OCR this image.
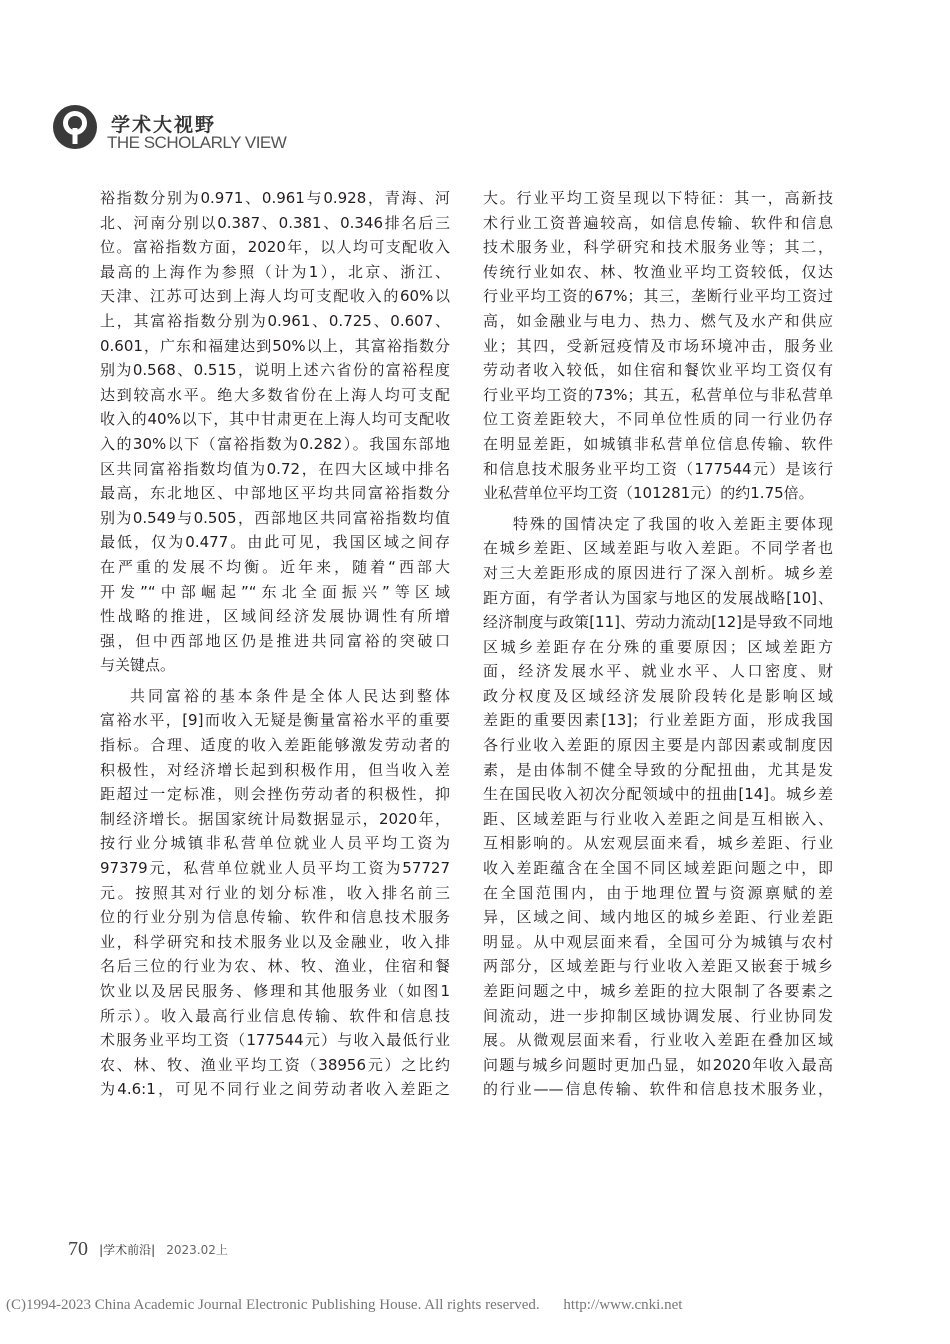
学术大视野
THE SCHOLARLY VIEW
裕指数分别为0.971、0.961与0.928，青海、河
北、河南分别以0.387、0.381、0.346排名后三
位。富裕指数方面，2020年，以人均可支配收入
最高的上海作为参照（计为1），北京、浙江、
天津、江苏可达到上海人均可支配收入的60%以
上，其富裕指数分别为0.961、0.725、0.607、
0.601，广东和福建达到50%以上，其富裕指数分
别为0.568、0.515，说明上述六省份的富裕程度
达到较高水平。绝大多数省份在上海人均可支配
收入的40%以下，其中甘肃更在上海人均可支配收
入的30%以下（富裕指数为0.282）。我国东部地
区共同富裕指数均值为0.72，在四大区域中排名
最高，东北地区、中部地区平均共同富裕指数分
别为0.549与0.505，西部地区共同富裕指数均值
最低，仅为0.477。由此可见，我国区域之间存
在严重的发展不均衡。近年来，随着“西部大
开发”“中部崛起”“东北全面振兴”等区域
性战略的推进，区域间经济发展协调性有所增
强，但中西部地区仍是推进共同富裕的突破口
与关键点。
共同富裕的基本条件是全体人民达到整体
富裕水平，[9]而收入无疑是衡量富裕水平的重要
指标。合理、适度的收入差距能够激发劳动者的
积极性，对经济增长起到积极作用，但当收入差
距超过一定标准，则会挫伤劳动者的积极性，抑
制经济增长。据国家统计局数据显示，2020年，
按行业分城镇非私营单位就业人员平均工资为
97379元，私营单位就业人员平均工资为57727
元。按照其对行业的划分标准，收入排名前三
位的行业分别为信息传输、软件和信息技术服务
业，科学研究和技术服务业以及金融业，收入排
名后三位的行业为农、林、牧、渔业，住宿和餐
饮业以及居民服务、修理和其他服务业（如图1
所示）。收入最高行业信息传输、软件和信息技
术服务业平均工资（177544元）与收入最低行业
农、林、牧、渔业平均工资（38956元）之比约
为4.6:1，可见不同行业之间劳动者收入差距之
大。行业平均工资呈现以下特征：其一，高新技
术行业工资普遍较高，如信息传输、软件和信息
技术服务业，科学研究和技术服务业等；其二，
传统行业如农、林、牧渔业平均工资较低，仅达
行业平均工资的67%；其三，垄断行业平均工资过
高，如金融业与电力、热力、燃气及水产和供应
业；其四，受新冠疫情及市场环境冲击，服务业
劳动者收入较低，如住宿和餐饮业平均工资仅有
行业平均工资的73%；其五，私营单位与非私营单
位工资差距较大，不同单位性质的同一行业仍存
在明显差距，如城镇非私营单位信息传输、软件
和信息技术服务业平均工资（177544元）是该行
业私营单位平均工资（101281元）的约1.75倍。
特殊的国情决定了我国的收入差距主要体现
在城乡差距、区域差距与收入差距。不同学者也
对三大差距形成的原因进行了深入剖析。城乡差
距方面，有学者认为国家与地区的发展战略[10]、
经济制度与政策[11]、劳动力流动[12]是导致不同地
区城乡差距存在分殊的重要原因；区域差距方
面，经济发展水平、就业水平、人口密度、财
政分权度及区域经济发展阶段转化是影响区域
差距的重要因素[13]；行业差距方面，形成我国
各行业收入差距的原因主要是内部因素或制度因
素，是由体制不健全导致的分配扭曲，尤其是发
生在国民收入初次分配领域中的扭曲[14]。城乡差
距、区域差距与行业收入差距之间是互相嵌入、
互相影响的。从宏观层面来看，城乡差距、行业
收入差距蕴含在全国不同区域差距问题之中，即
在全国范围内，由于地理位置与资源禀赋的差
异，区域之间、域内地区的城乡差距、行业差距
明显。从中观层面来看，全国可分为城镇与农村
两部分，区域差距与行业收入差距又嵌套于城乡
差距问题之中，城乡差距的拉大限制了各要素之
间流动，进一步抑制区域协调发展、行业协同发
展。从微观层面来看，行业收入差距在叠加区域
问题与城乡问题时更加凸显，如2020年收入最高
的行业——信息传输、软件和信息技术服务业，
70 |学术前沿| 2023.02上
(C)1994-2023 China Academic Journal Electronic Publishing House. All rights reserved. http://www.cnki.net
